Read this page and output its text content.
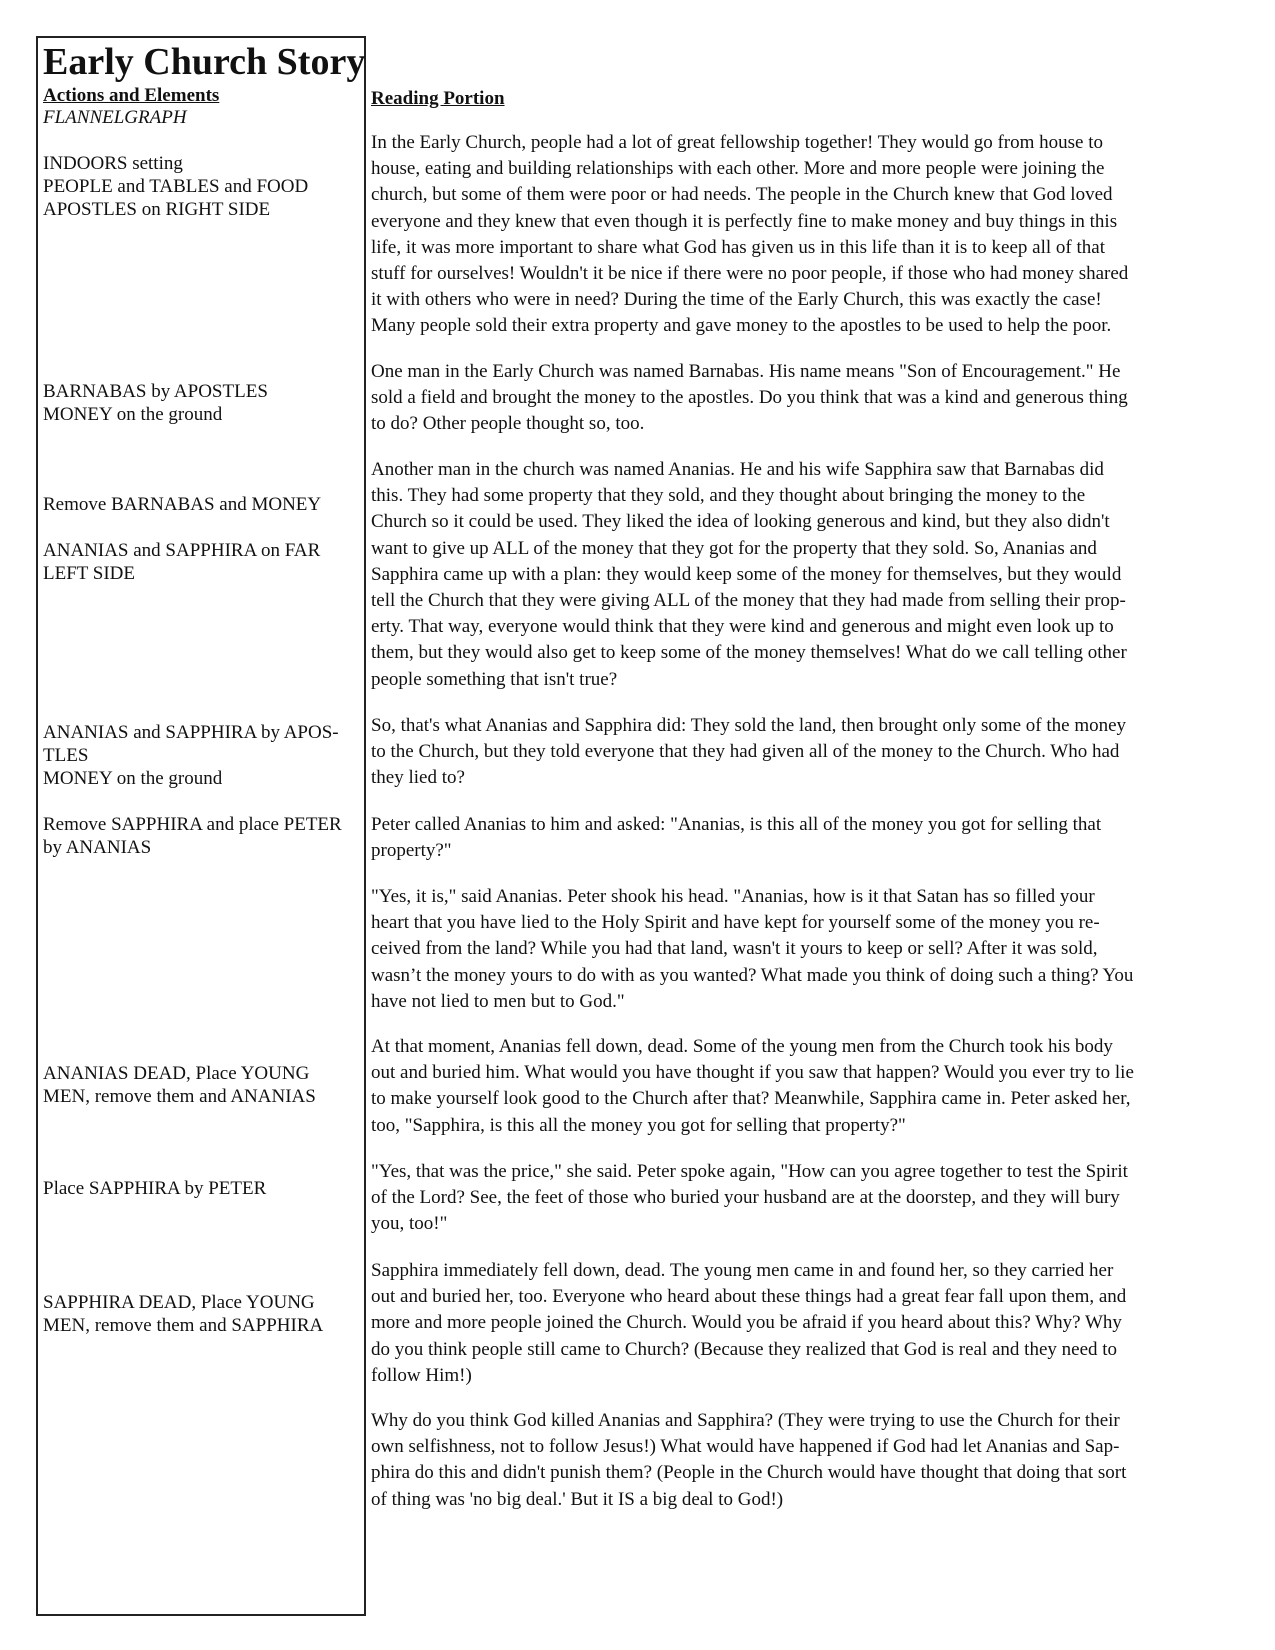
Early Church Story
Actions and Elements
FLANNELGRAPH
INDOORS setting
PEOPLE and TABLES and FOOD
APOSTLES on RIGHT SIDE
BARNABAS by APOSTLES
MONEY on the ground
Remove BARNABAS and MONEY
ANANIAS and SAPPHIRA on FAR
LEFT SIDE
ANANIAS and SAPPHIRA by APOS-
TLES
MONEY on the ground
Remove SAPPHIRA and place PETER
by ANANIAS
ANANIAS DEAD, Place YOUNG
MEN, remove them and ANANIAS
Place SAPPHIRA by PETER
SAPPHIRA DEAD, Place YOUNG
MEN, remove them and SAPPHIRA
Reading Portion
In the Early Church, people had a lot of great fellowship together! They would go from house to
house, eating and building relationships with each other. More and more people were joining the
church, but some of them were poor or had needs. The people in the Church knew that God loved
everyone and they knew that even though it is perfectly fine to make money and buy things in this
life, it was more important to share what God has given us in this life than it is to keep all of that
stuff for ourselves! Wouldn't it be nice if there were no poor people, if those who had money shared
it with others who were in need? During the time of the Early Church, this was exactly the case!
Many people sold their extra property and gave money to the apostles to be used to help the poor.
One man in the Early Church was named Barnabas. His name means "Son of Encouragement." He
sold a field and brought the money to the apostles. Do you think that was a kind and generous thing
to do? Other people thought so, too.
Another man in the church was named Ananias. He and his wife Sapphira saw that Barnabas did
this. They had some property that they sold, and they thought about bringing the money to the
Church so it could be used. They liked the idea of looking generous and kind, but they also didn't
want to give up ALL of the money that they got for the property that they sold. So, Ananias and
Sapphira came up with a plan: they would keep some of the money for themselves, but they would
tell the Church that they were giving ALL of the money that they had made from selling their prop-
erty. That way, everyone would think that they were kind and generous and might even look up to
them, but they would also get to keep some of the money themselves! What do we call telling other
people something that isn't true?
So, that's what Ananias and Sapphira did: They sold the land, then brought only some of the money
to the Church, but they told everyone that they had given all of the money to the Church. Who had
they lied to?
Peter called Ananias to him and asked: "Ananias, is this all of the money you got for selling that
property?"
"Yes, it is," said Ananias. Peter shook his head. "Ananias, how is it that Satan has so filled your
heart that you have lied to the Holy Spirit and have kept for yourself some of the money you re-
ceived from the land? While you had that land, wasn't it yours to keep or sell? After it was sold,
wasn’t the money yours to do with as you wanted? What made you think of doing such a thing? You
have not lied to men but to God."
At that moment, Ananias fell down, dead. Some of the young men from the Church took his body
out and buried him. What would you have thought if you saw that happen? Would you ever try to lie
to make yourself look good to the Church after that? Meanwhile, Sapphira came in. Peter asked her,
too, "Sapphira, is this all the money you got for selling that property?"
"Yes, that was the price," she said. Peter spoke again, "How can you agree together to test the Spirit
of the Lord? See, the feet of those who buried your husband are at the doorstep, and they will bury
you, too!"
Sapphira immediately fell down, dead. The young men came in and found her, so they carried her
out and buried her, too. Everyone who heard about these things had a great fear fall upon them, and
more and more people joined the Church. Would you be afraid if you heard about this? Why? Why
do you think people still came to Church? (Because they realized that God is real and they need to
follow Him!)
Why do you think God killed Ananias and Sapphira? (They were trying to use the Church for their
own selfishness, not to follow Jesus!) What would have happened if God had let Ananias and Sap-
phira do this and didn't punish them? (People in the Church would have thought that doing that sort
of thing was 'no big deal.' But it IS a big deal to God!)
